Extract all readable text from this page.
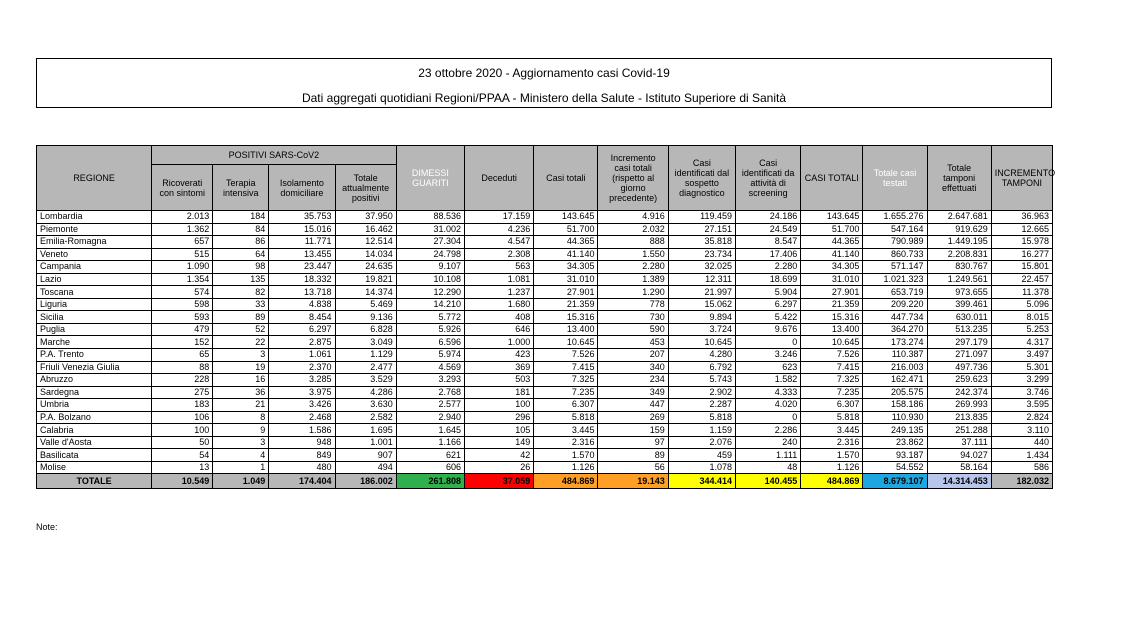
23 ottobre 2020 - Aggiornamento casi Covid-19
Dati aggregati quotidiani Regioni/PPAA - Ministero della Salute - Istituto Superiore di Sanità
REGIONE	POSITIVI SARS-CoV2				DIMESSI GUARITI	Deceduti	Casi totali	Incremento casi totali (rispetto al giorno precedente)	Casi identificati dal sospetto diagnostico	Casi identificati da attività di screening	CASI TOTALI	Totale casi testati	Totale tamponi effettuati	INCREMENTO TAMPONI
	Ricoverati con sintomi	Terapia intensiva	Isolamento domiciliare	Totale attualmente positivi										
Lombardia	2.013	184	35.753	37.950	88.536	17.159	143.645	4.916	119.459	24.186	143.645	1.655.276	2.647.681	36.963
Piemonte	1.362	84	15.016	16.462	31.002	4.236	51.700	2.032	27.151	24.549	51.700	547.164	919.629	12.665
Emilia-Romagna	657	86	11.771	12.514	27.304	4.547	44.365	888	35.818	8.547	44.365	790.989	1.449.195	15.978
Veneto	515	64	13.455	14.034	24.798	2.308	41.140	1.550	23.734	17.406	41.140	860.733	2.208.831	16.277
Campania	1.090	98	23.447	24.635	9.107	563	34.305	2.280	32.025	2.280	34.305	571.147	830.767	15.801
Lazio	1.354	135	18.332	19.821	10.108	1.081	31.010	1.389	12.311	18.699	31.010	1.021.323	1.249.561	22.457
Toscana	574	82	13.718	14.374	12.290	1.237	27.901	1.290	21.997	5.904	27.901	653.719	973.655	11.378
Liguria	598	33	4.838	5.469	14.210	1.680	21.359	778	15.062	6.297	21.359	209.220	399.461	5.096
Sicilia	593	89	8.454	9.136	5.772	408	15.316	730	9.894	5.422	15.316	447.734	630.011	8.015
Puglia	479	52	6.297	6.828	5.926	646	13.400	590	3.724	9.676	13.400	364.270	513.235	5.253
Marche	152	22	2.875	3.049	6.596	1.000	10.645	453	10.645	0	10.645	173.274	297.179	4.317
P.A. Trento	65	3	1.061	1.129	5.974	423	7.526	207	4.280	3.246	7.526	110.387	271.097	3.497
Friuli Venezia Giulia	88	19	2.370	2.477	4.569	369	7.415	340	6.792	623	7.415	216.003	497.736	5.301
Abruzzo	228	16	3.285	3.529	3.293	503	7.325	234	5.743	1.582	7.325	162.471	259.623	3.299
Sardegna	275	36	3.975	4.286	2.768	181	7.235	349	2.902	4.333	7.235	205.575	242.374	3.746
Umbria	183	21	3.426	3.630	2.577	100	6.307	447	2.287	4.020	6.307	158.186	269.993	3.595
P.A. Bolzano	106	8	2.468	2.582	2.940	296	5.818	269	5.818	0	5.818	110.930	213.835	2.824
Calabria	100	9	1.586	1.695	1.645	105	3.445	159	1.159	2.286	3.445	249.135	251.288	3.110
Valle d'Aosta	50	3	948	1.001	1.166	149	2.316	97	2.076	240	2.316	23.862	37.111	440
Basilicata	54	4	849	907	621	42	1.570	89	459	1.111	1.570	93.187	94.027	1.434
Molise	13	1	480	494	606	26	1.126	56	1.078	48	1.126	54.552	58.164	586
TOTALE	10.549	1.049	174.404	186.002	261.808	37.059	484.869	19.143	344.414	140.455	484.869	8.679.107	14.314.453	182.032
Note:
